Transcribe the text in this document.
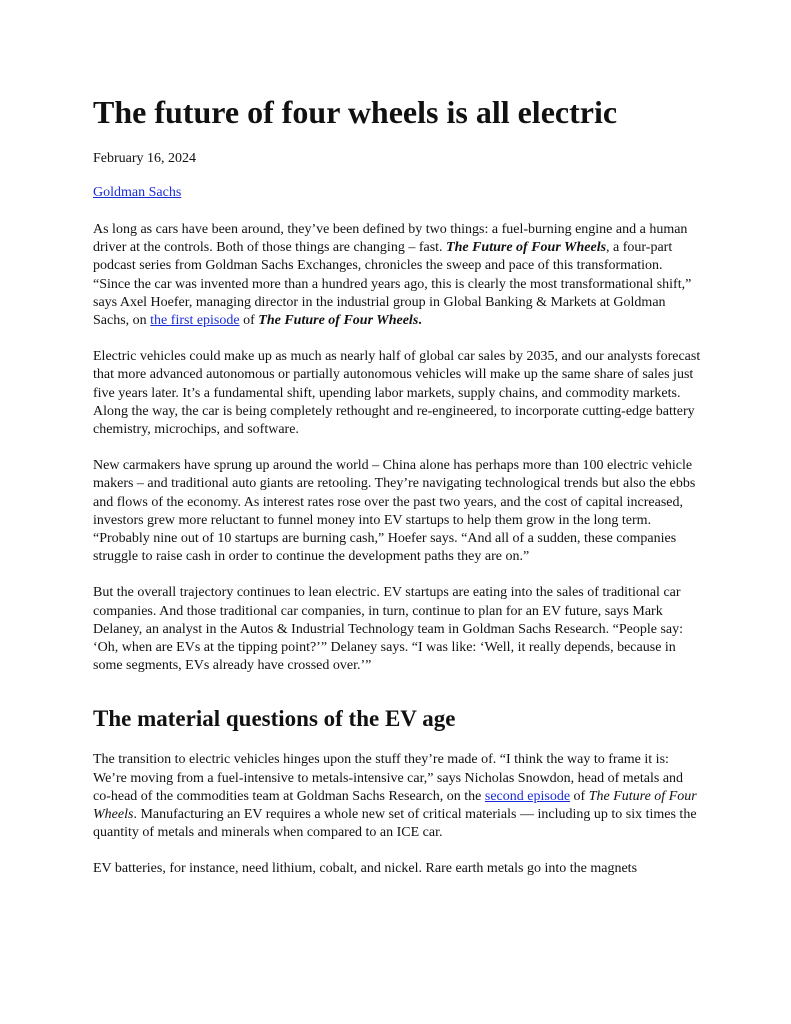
The future of four wheels is all electric
February 16, 2024
Goldman Sachs

As long as cars have been around, they’ve been defined by two things: a fuel-burning engine and a human driver at the controls. Both of those things are changing – fast. The Future of Four Wheels, a four-part podcast series from Goldman Sachs Exchanges, chronicles the sweep and pace of this transformation. “Since the car was invented more than a hundred years ago, this is clearly the most transformational shift,” says Axel Hoefer, managing director in the industrial group in Global Banking & Markets at Goldman Sachs, on the first episode of The Future of Four Wheels.

Electric vehicles could make up as much as nearly half of global car sales by 2035, and our analysts forecast that more advanced autonomous or partially autonomous vehicles will make up the same share of sales just five years later. It’s a fundamental shift, upending labor markets, supply chains, and commodity markets. Along the way, the car is being completely rethought and re-engineered, to incorporate cutting-edge battery chemistry, microchips, and software.

New carmakers have sprung up around the world – China alone has perhaps more than 100 electric vehicle makers – and traditional auto giants are retooling. They’re navigating technological trends but also the ebbs and flows of the economy. As interest rates rose over the past two years, and the cost of capital increased, investors grew more reluctant to funnel money into EV startups to help them grow in the long term. “Probably nine out of 10 startups are burning cash,” Hoefer says. “And all of a sudden, these companies struggle to raise cash in order to continue the development paths they are on.”

But the overall trajectory continues to lean electric. EV startups are eating into the sales of traditional car companies. And those traditional car companies, in turn, continue to plan for an EV future, says Mark Delaney, an analyst in the Autos & Industrial Technology team in Goldman Sachs Research. “People say: ‘Oh, when are EVs at the tipping point?’” Delaney says. “I was like: ‘Well, it really depends, because in some segments, EVs already have crossed over.’”

The material questions of the EV age

The transition to electric vehicles hinges upon the stuff they’re made of. “I think the way to frame it is: We’re moving from a fuel-intensive to metals-intensive car,” says Nicholas Snowdon, head of metals and co-head of the commodities team at Goldman Sachs Research, on the second episode of The Future of Four Wheels. Manufacturing an EV requires a whole new set of critical materials — including up to six times the quantity of metals and minerals when compared to an ICE car.

EV batteries, for instance, need lithium, cobalt, and nickel. Rare earth metals go into the magnets
